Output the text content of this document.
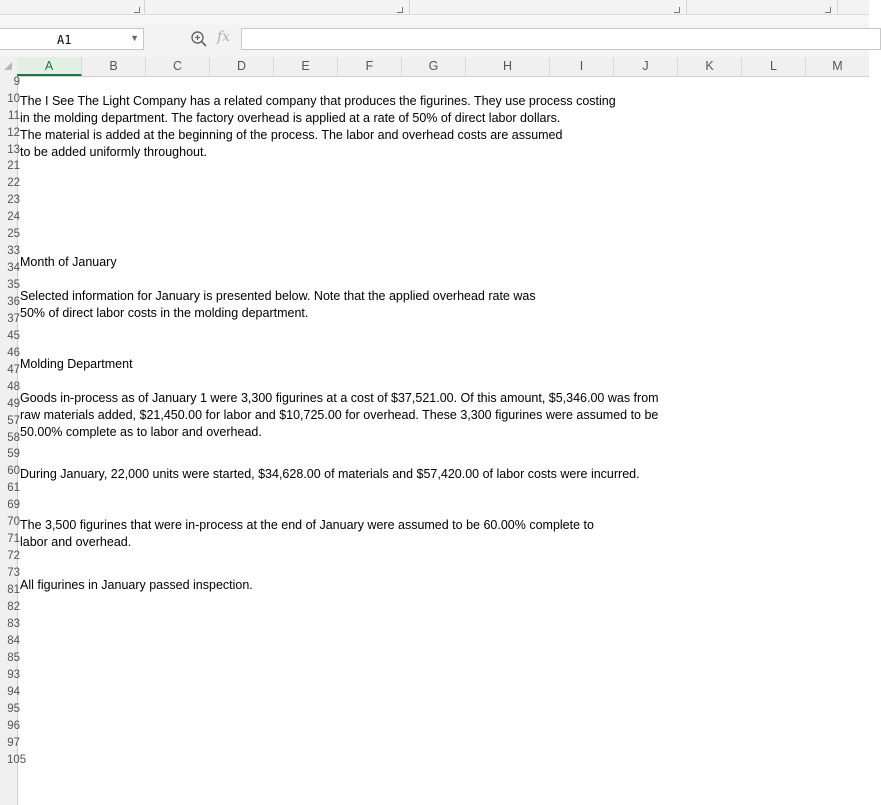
A1	▼	fx
A	B	C	D	E	F	G	H	I	J	K	L	M
9
10
11
12
13
21
22
23
24
25
33
34
35
36
37
45
46
47
48
49
57
58
59
60
61
69
70
71
72
73
81
82
83
84
85
93
94
95
96
97
105
The I See The Light Company has a related company that produces the figurines. They use process costing
in the molding department. The factory overhead is applied at a rate of 50% of direct labor dollars.
The material is added at the beginning of the process. The labor and overhead costs are assumed
to be added uniformly throughout.
Month of January
Selected information for January is presented below. Note that the applied overhead rate was
50% of direct labor costs in the molding department.
Molding Department
Goods in-process as of January 1 were 3,300 figurines at a cost of $37,521.00. Of this amount, $5,346.00 was from
raw materials added, $21,450.00 for labor and $10,725.00 for overhead. These 3,300 figurines were assumed to be
50.00% complete as to labor and overhead.
During January, 22,000 units were started, $34,628.00 of materials and $57,420.00 of labor costs were incurred.
The 3,500 figurines that were in-process at the end of January were assumed to be 60.00% complete to
labor and overhead.
All figurines in January passed inspection.
